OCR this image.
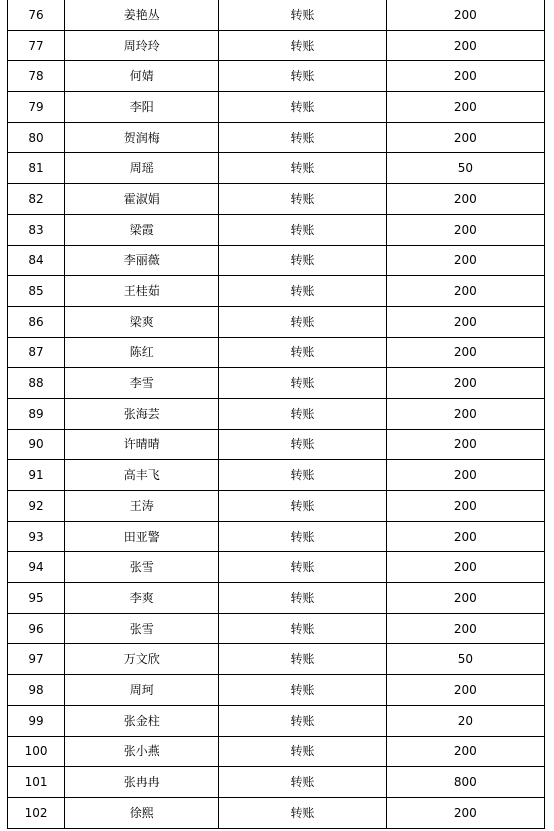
76	姜艳丛	转账	200
77	周玲玲	转账	200
78	何婧	转账	200
79	李阳	转账	200
80	贺润梅	转账	200
81	周瑶	转账	50
82	霍淑娟	转账	200
83	梁霞	转账	200
84	李丽薇	转账	200
85	王桂茹	转账	200
86	梁爽	转账	200
87	陈红	转账	200
88	李雪	转账	200
89	张海芸	转账	200
90	许晴晴	转账	200
91	高丰飞	转账	200
92	王涛	转账	200
93	田亚警	转账	200
94	张雪	转账	200
95	李爽	转账	200
96	张雪	转账	200
97	万文欣	转账	50
98	周珂	转账	200
99	张金柱	转账	20
100	张小燕	转账	200
101	张冉冉	转账	800
102	徐熙	转账	200
